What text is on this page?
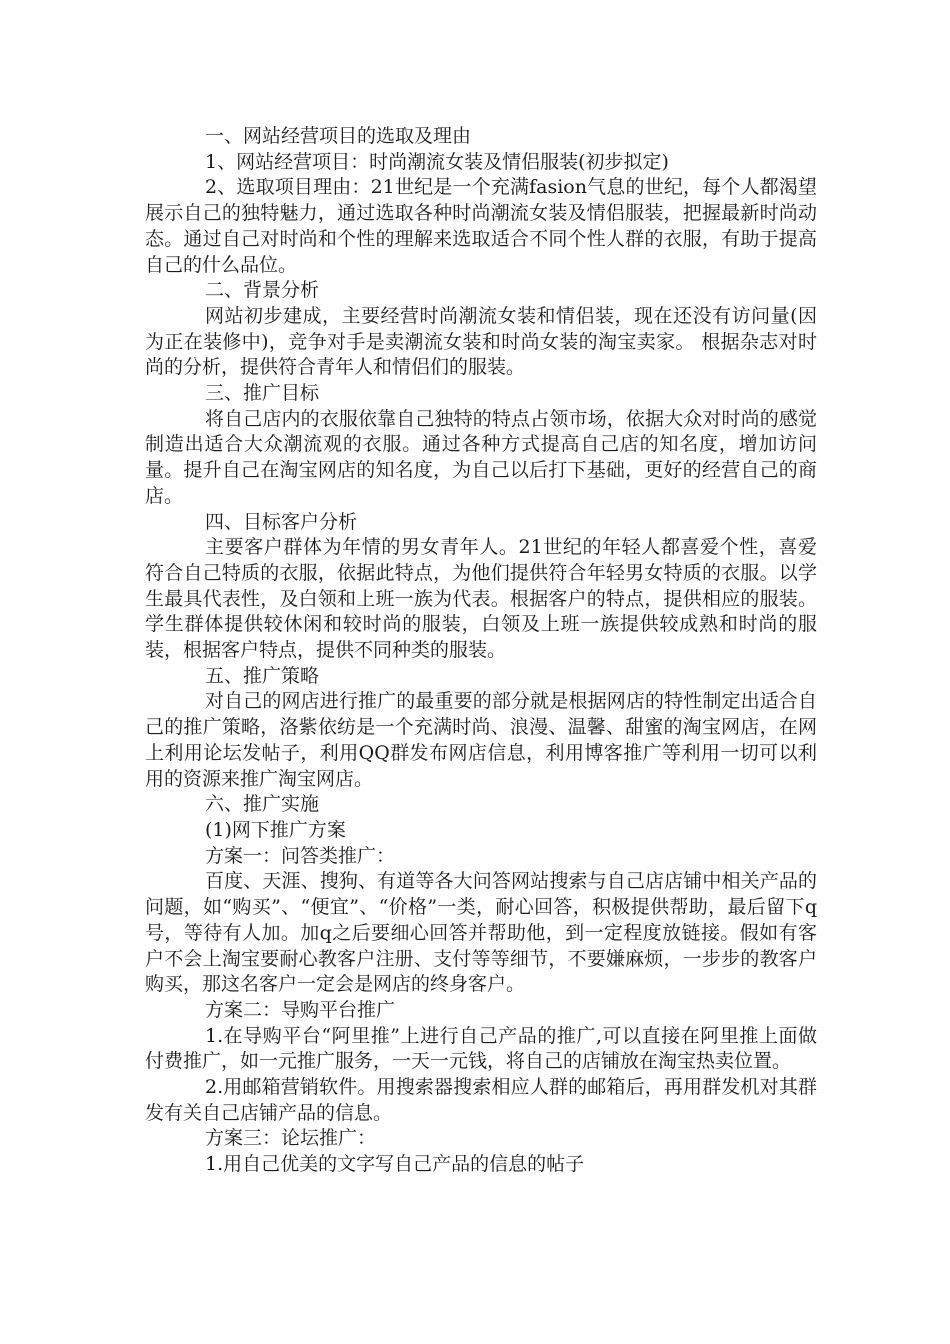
一、网站经营项目的选取及理由

1、网站经营项目：时尚潮流女装及情侣服装(初步拟定)

2、选取项目理由：21世纪是一个充满fasion气息的世纪，每个人都渴望展示自己的独特魅力，通过选取各种时尚潮流女装及情侣服装，把握最新时尚动态。通过自己对时尚和个性的理解来选取适合不同个性人群的衣服，有助于提高自己的什么品位。

二、背景分析

网站初步建成，主要经营时尚潮流女装和情侣装，现在还没有访问量(因为正在装修中)，竞争对手是卖潮流女装和时尚女装的淘宝卖家。 根据杂志对时尚的分析，提供符合青年人和情侣们的服装。

三、推广目标

将自己店内的衣服依靠自己独特的特点占领市场，依据大众对时尚的感觉制造出适合大众潮流观的衣服。通过各种方式提高自己店的知名度，增加访问量。提升自己在淘宝网店的知名度，为自己以后打下基础，更好的经营自己的商店。

四、目标客户分析

主要客户群体为年情的男女青年人。21世纪的年轻人都喜爱个性，喜爱符合自己特质的衣服，依据此特点，为他们提供符合年轻男女特质的衣服。以学生最具代表性，及白领和上班一族为代表。根据客户的特点，提供相应的服装。学生群体提供较休闲和较时尚的服装，白领及上班一族提供较成熟和时尚的服装，根据客户特点，提供不同种类的服装。

五、推广策略

对自己的网店进行推广的最重要的部分就是根据网店的特性制定出适合自己的推广策略，洛紫依纺是一个充满时尚、浪漫、温馨、甜蜜的淘宝网店，在网上利用论坛发帖子，利用QQ群发布网店信息，利用博客推广等利用一切可以利用的资源来推广淘宝网店。

六、推广实施

(1)网下推广方案

方案一：问答类推广：

百度、天涯、搜狗、有道等各大问答网站搜索与自己店店铺中相关产品的问题，如“购买”、“便宜”、“价格”一类，耐心回答，积极提供帮助，最后留下q号，等待有人加。加q之后要细心回答并帮助他，到一定程度放链接。假如有客户不会上淘宝要耐心教客户注册、支付等等细节，不要嫌麻烦，一步步的教客户购买，那这名客户一定会是网店的终身客户。

方案二：导购平台推广

1.在导购平台“阿里推”上进行自己产品的推广,可以直接在阿里推上面做付费推广，如一元推广服务，一天一元钱，将自己的店铺放在淘宝热卖位置。

2.用邮箱营销软件。用搜索器搜索相应人群的邮箱后，再用群发机对其群发有关自己店铺产品的信息。

方案三：论坛推广：

1.用自己优美的文字写自己产品的信息的帖子
